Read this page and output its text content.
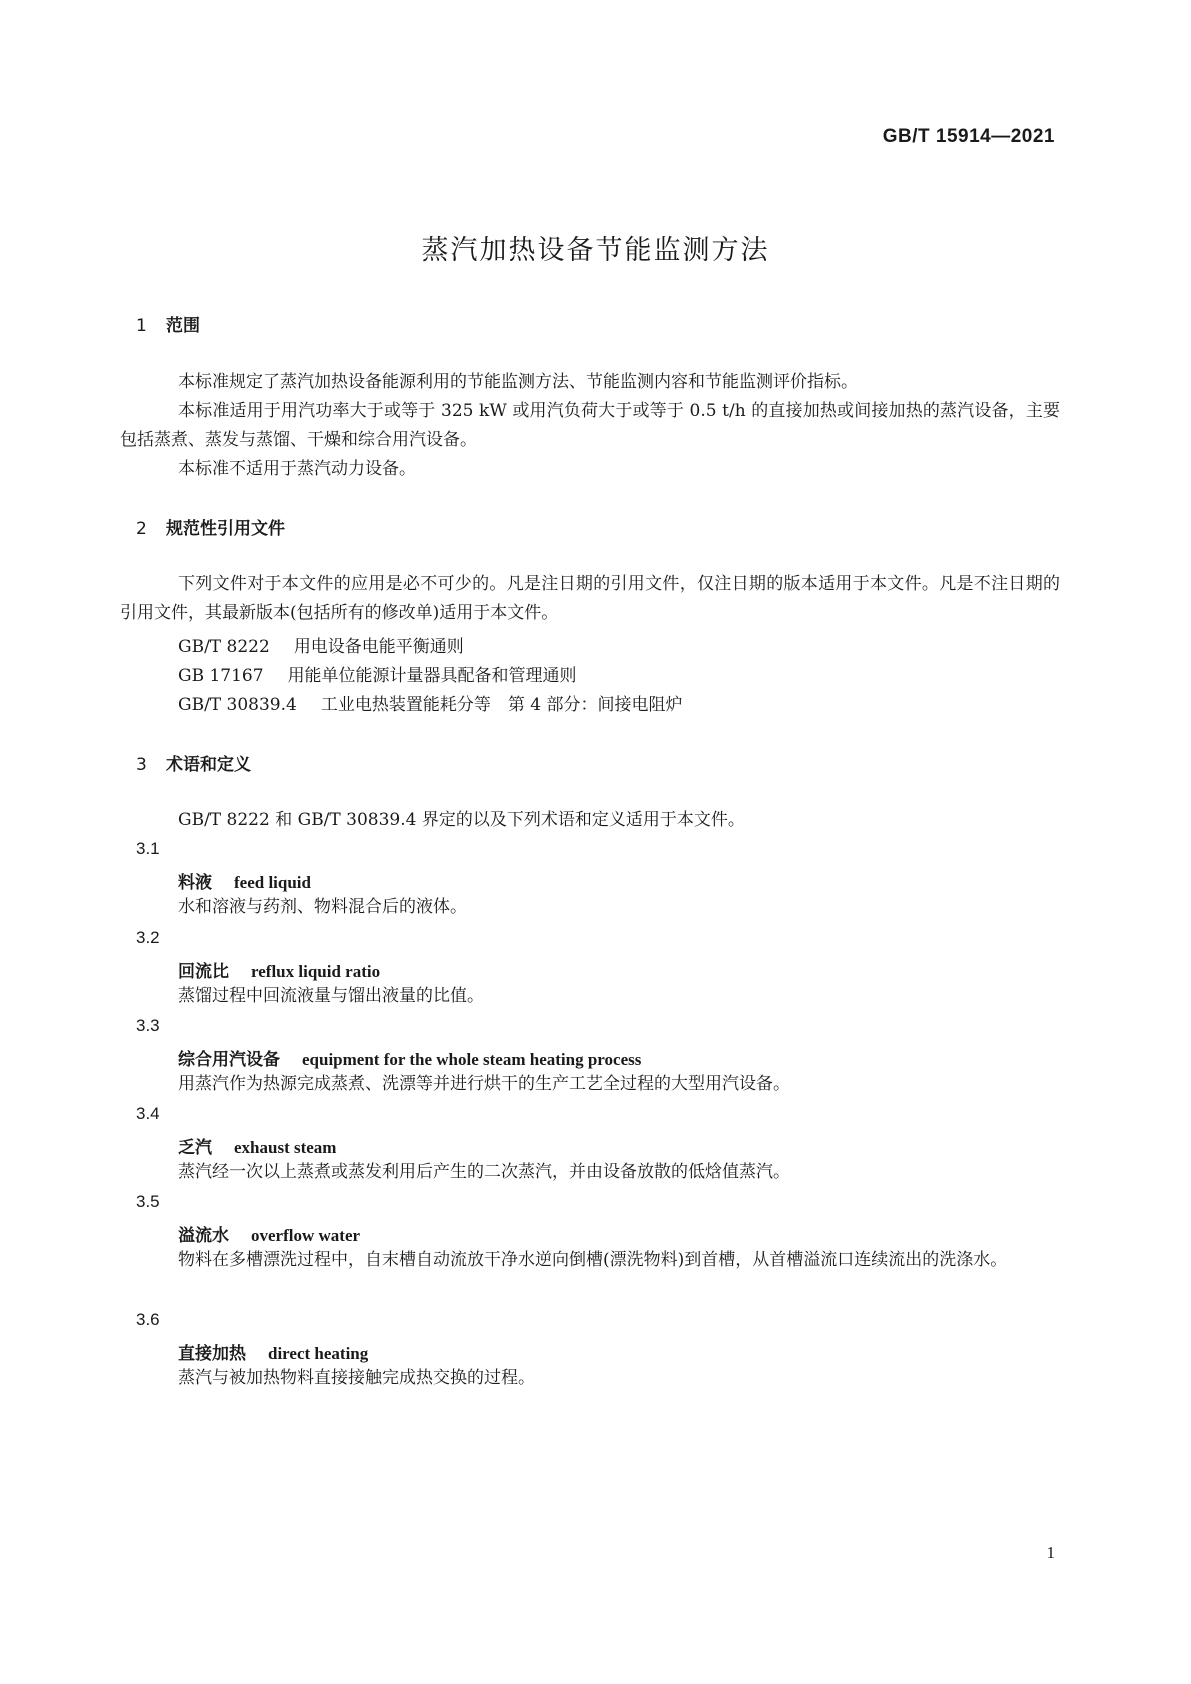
GB/T 15914—2021
蒸汽加热设备节能监测方法
1 范围
本标准规定了蒸汽加热设备能源利用的节能监测方法、节能监测内容和节能监测评价指标。
本标准适用于用汽功率大于或等于 325 kW 或用汽负荷大于或等于 0.5 t/h 的直接加热或间接加热的蒸汽设备，主要包括蒸煮、蒸发与蒸馏、干燥和综合用汽设备。
本标准不适用于蒸汽动力设备。
2 规范性引用文件
下列文件对于本文件的应用是必不可少的。凡是注日期的引用文件，仅注日期的版本适用于本文件。凡是不注日期的引用文件，其最新版本(包括所有的修改单)适用于本文件。
GB/T 8222 用电设备电能平衡通则
GB 17167 用能单位能源计量器具配备和管理通则
GB/T 30839.4 工业电热装置能耗分等　第 4 部分：间接电阻炉
3 术语和定义
GB/T 8222 和 GB/T 30839.4 界定的以及下列术语和定义适用于本文件。
3.1
料液 feed liquid
水和溶液与药剂、物料混合后的液体。
3.2
回流比 reflux liquid ratio
蒸馏过程中回流液量与馏出液量的比值。
3.3
综合用汽设备 equipment for the whole steam heating process
用蒸汽作为热源完成蒸煮、洗漂等并进行烘干的生产工艺全过程的大型用汽设备。
3.4
乏汽 exhaust steam
蒸汽经一次以上蒸煮或蒸发利用后产生的二次蒸汽，并由设备放散的低焓值蒸汽。
3.5
溢流水 overflow water
物料在多槽漂洗过程中，自末槽自动流放干净水逆向倒槽(漂洗物料)到首槽，从首槽溢流口连续流出的洗涤水。
3.6
直接加热 direct heating
蒸汽与被加热物料直接接触完成热交换的过程。
1
